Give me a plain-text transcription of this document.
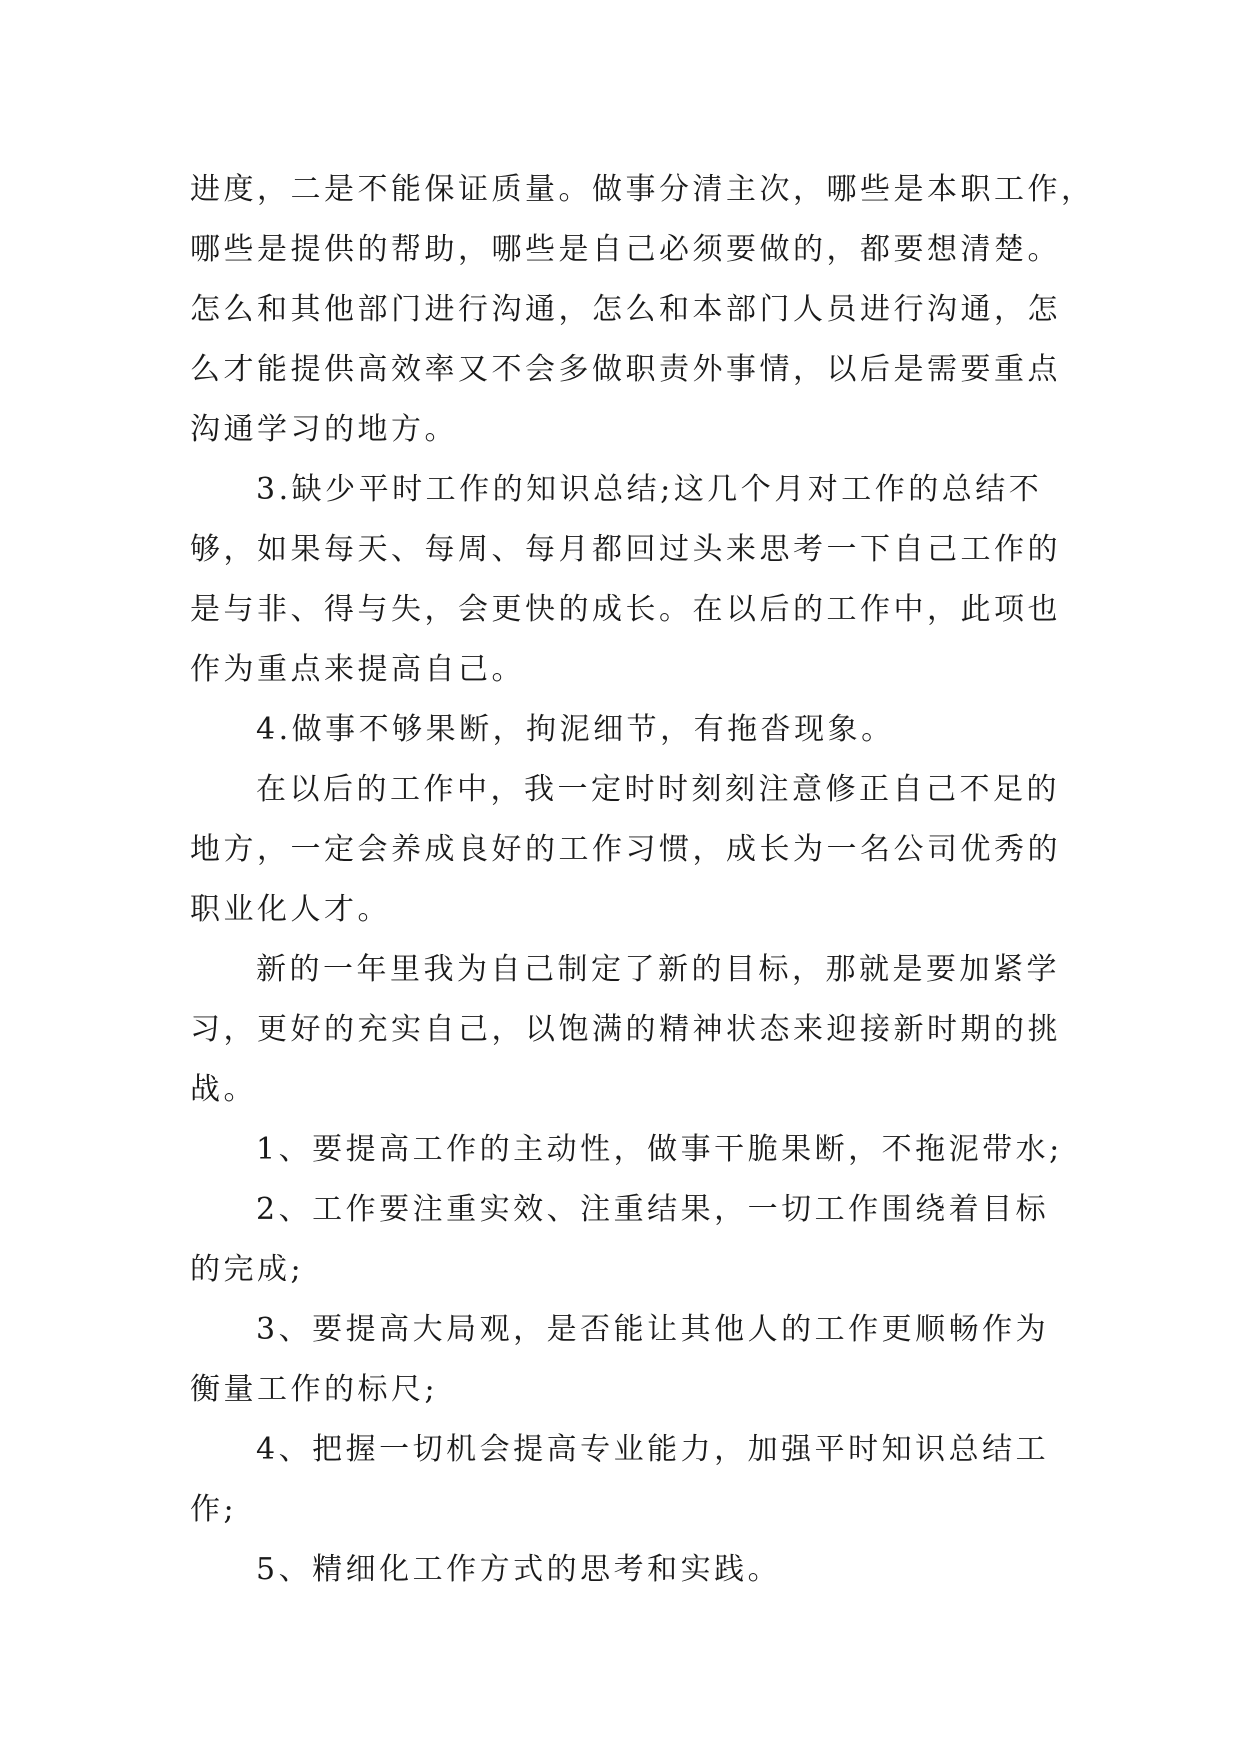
进度，二是不能保证质量。做事分清主次，哪些是本职工作，
哪些是提供的帮助，哪些是自己必须要做的，都要想清楚。
怎么和其他部门进行沟通，怎么和本部门人员进行沟通，怎
么才能提供高效率又不会多做职责外事情，以后是需要重点
沟通学习的地方。
3.缺少平时工作的知识总结;这几个月对工作的总结不
够，如果每天、每周、每月都回过头来思考一下自己工作的
是与非、得与失，会更快的成长。在以后的工作中，此项也
作为重点来提高自己。
4.做事不够果断，拘泥细节，有拖沓现象。
在以后的工作中，我一定时时刻刻注意修正自己不足的
地方，一定会养成良好的工作习惯，成长为一名公司优秀的
职业化人才。
新的一年里我为自己制定了新的目标，那就是要加紧学
习，更好的充实自己，以饱满的精神状态来迎接新时期的挑
战。
1、要提高工作的主动性，做事干脆果断，不拖泥带水;
2、工作要注重实效、注重结果，一切工作围绕着目标
的完成;
3、要提高大局观，是否能让其他人的工作更顺畅作为
衡量工作的标尺;
4、把握一切机会提高专业能力，加强平时知识总结工
作;
5、精细化工作方式的思考和实践。
